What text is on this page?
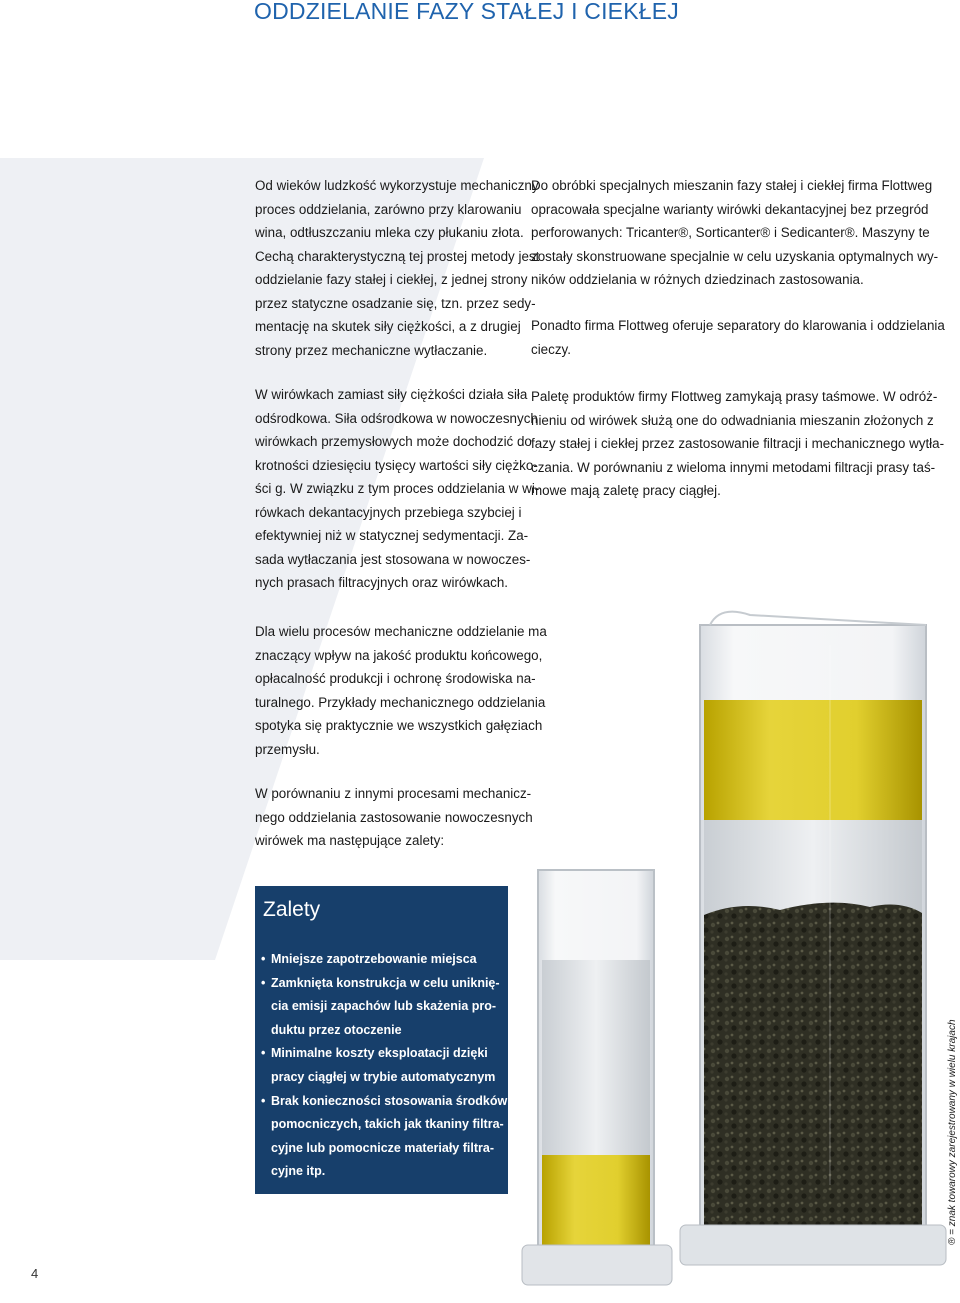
ODDZIELANIE FAZY STAŁEJ I CIEKŁEJ

Od wieków ludzkość wykorzystuje mechaniczny
proces oddzielania, zarówno przy klarowaniu
wina, odtłuszczaniu mleka czy płukaniu złota.
Cechą charakterystyczną tej prostej metody jest
oddzielanie fazy stałej i ciekłej, z jednej strony
przez statyczne osadzanie się, tzn. przez sedy-
mentację na skutek siły ciężkości, a z drugiej
strony przez mechaniczne wytłaczanie.

W wirówkach zamiast siły ciężkości działa siła
odśrodkowa. Siła odśrodkowa w nowoczesnych
wirówkach przemysłowych może dochodzić do
krotności dziesięciu tysięcy wartości siły ciężko-
ści g. W związku z tym proces oddzielania w wi-
rówkach dekantacyjnych przebiega szybciej i
efektywniej niż w statycznej sedymentacji. Za-
sada wytłaczania jest stosowana w nowoczes-
nych prasach filtracyjnych oraz wirówkach.

Dla wielu procesów mechaniczne oddzielanie ma
znaczący wpływ na jakość produktu końcowego,
opłacalność produkcji i ochronę środowiska na-
turalnego. Przykłady mechanicznego oddzielania
spotyka się praktycznie we wszystkich gałęziach
przemysłu.

W porównaniu z innymi procesami mechanicz-
nego oddzielania zastosowanie nowoczesnych
wirówek ma następujące zalety:

Do obróbki specjalnych mieszanin fazy stałej i ciekłej firma Flottweg
opracowała specjalne warianty wirówki dekantacyjnej bez przegród
perforowanych: Tricanter®, Sorticanter® i Sedicanter®. Maszyny te
zostały skonstruowane specjalnie w celu uzyskania optymalnych wy-
ników oddzielania w różnych dziedzinach zastosowania.

Ponadto firma Flottweg oferuje separatory do klarowania i oddzielania
cieczy.

Paletę produktów firmy Flottweg zamykają prasy taśmowe. W odróż-
nieniu od wirówek służą one do odwadniania mieszanin złożonych z
fazy stałej i ciekłej przez zastosowanie filtracji i mechanicznego wytła-
czania. W porównaniu z wieloma innymi metodami filtracji prasy taś-
mowe mają zaletę pracy ciągłej.

Zalety
• Mniejsze zapotrzebowanie miejsca
• Zamknięta konstrukcja w celu uniknię-
cia emisji zapachów lub skażenia pro-
duktu przez otoczenie
• Minimalne koszty eksploatacji dzięki
pracy ciągłej w trybie automatycznym
• Brak konieczności stosowania środków
pomocniczych, takich jak tkaniny filtra-
cyjne lub pomocnicze materiały filtra-
cyjne itp.
4
® = znak towarowy zarejestrowany w wielu krajach
